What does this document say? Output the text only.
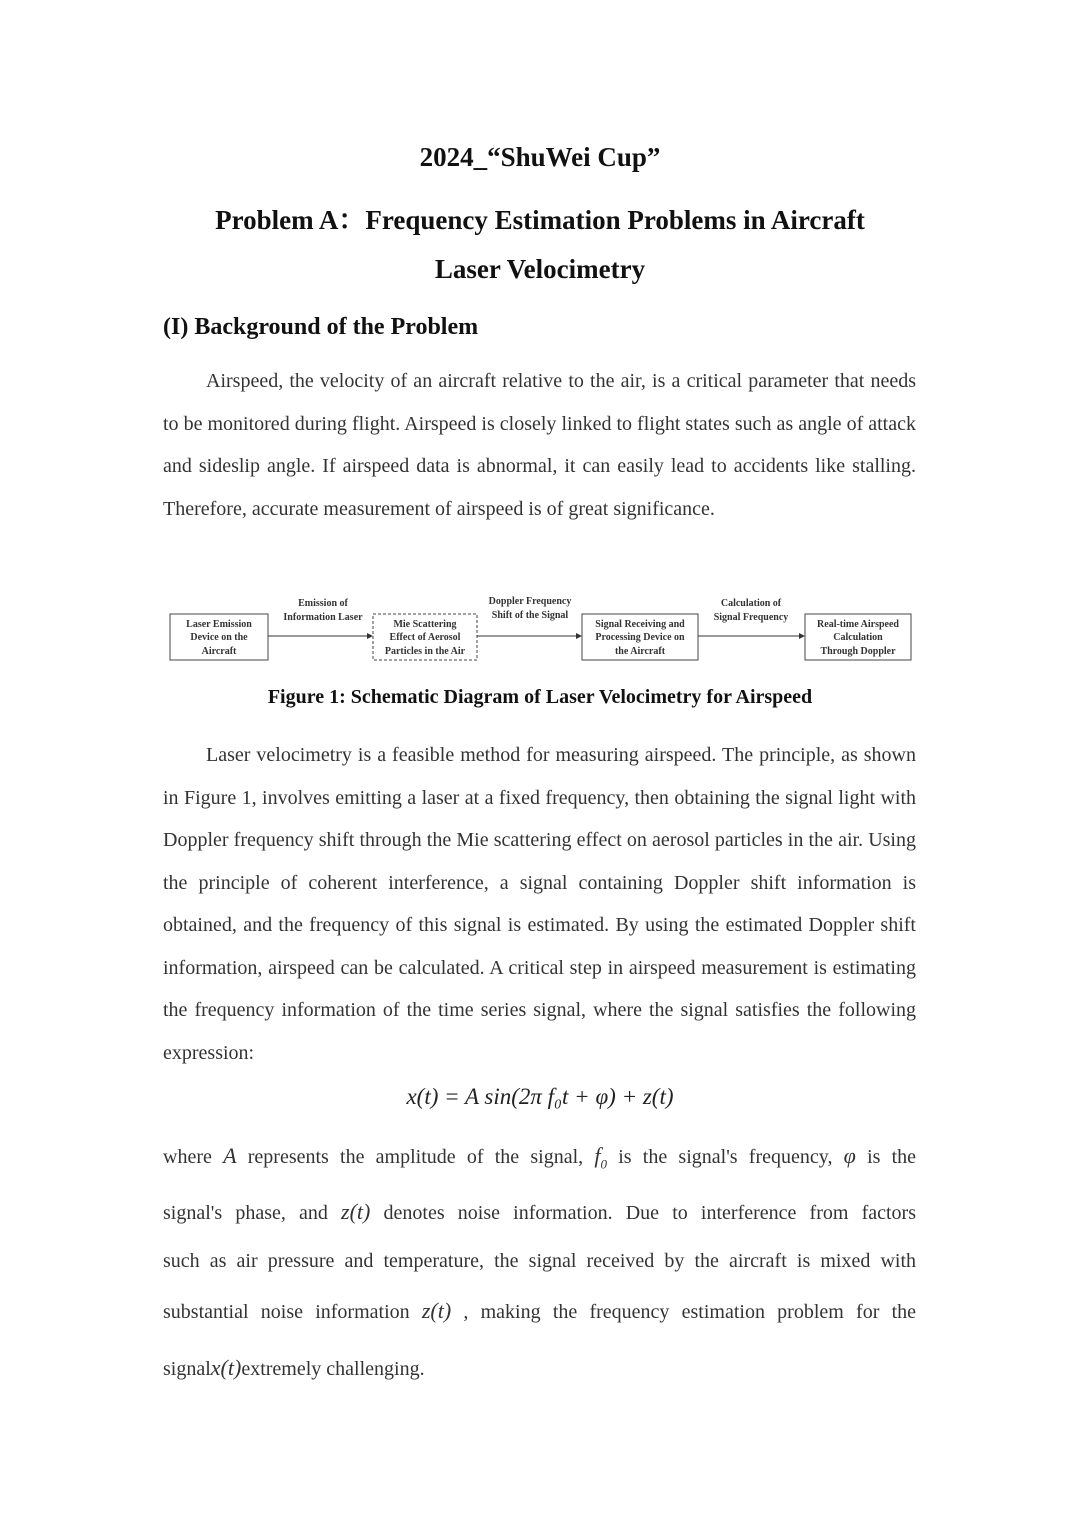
2024_“ShuWei Cup”
Problem A：Frequency Estimation Problems in Aircraft
Laser Velocimetry
(I) Background of the Problem
Airspeed, the velocity of an aircraft relative to the air, is a critical parameter that needs to be monitored during flight. Airspeed is closely linked to flight states such as angle of attack and sideslip angle. If airspeed data is abnormal, it can easily lead to accidents like stalling. Therefore, accurate measurement of airspeed is of great significance.
Laser Emission
Device on the
Aircraft
Emission of
Information Laser
Mie Scattering
Effect of Aerosol
Particles in the Air
Doppler Frequency
Shift of the Signal
Signal Receiving and
Processing Device on
the Aircraft
Calculation of
Signal Frequency
Real-time Airspeed
Calculation
Through Doppler
Figure 1: Schematic Diagram of Laser Velocimetry for Airspeed
Laser velocimetry is a feasible method for measuring airspeed. The principle, as shown in Figure 1, involves emitting a laser at a fixed frequency, then obtaining the signal light with Doppler frequency shift through the Mie scattering effect on aerosol particles in the air. Using the principle of coherent interference, a signal containing Doppler shift information is obtained, and the frequency of this signal is estimated. By using the estimated Doppler shift information, airspeed can be calculated. A critical step in airspeed measurement is estimating the frequency information of the time series signal, where the signal satisfies the following expression:
x(t) = A sin(2π f₀t + φ) + z(t)
where A represents the amplitude of the signal, $f_0$ is the signal's frequency, φ is the
signal's phase, and z(t) denotes noise information. Due to interference from factors
such as air pressure and temperature, the signal received by the aircraft is mixed with
substantial noise information z(t) , making the frequency estimation problem for the
signalx(t)extremely challenging.
